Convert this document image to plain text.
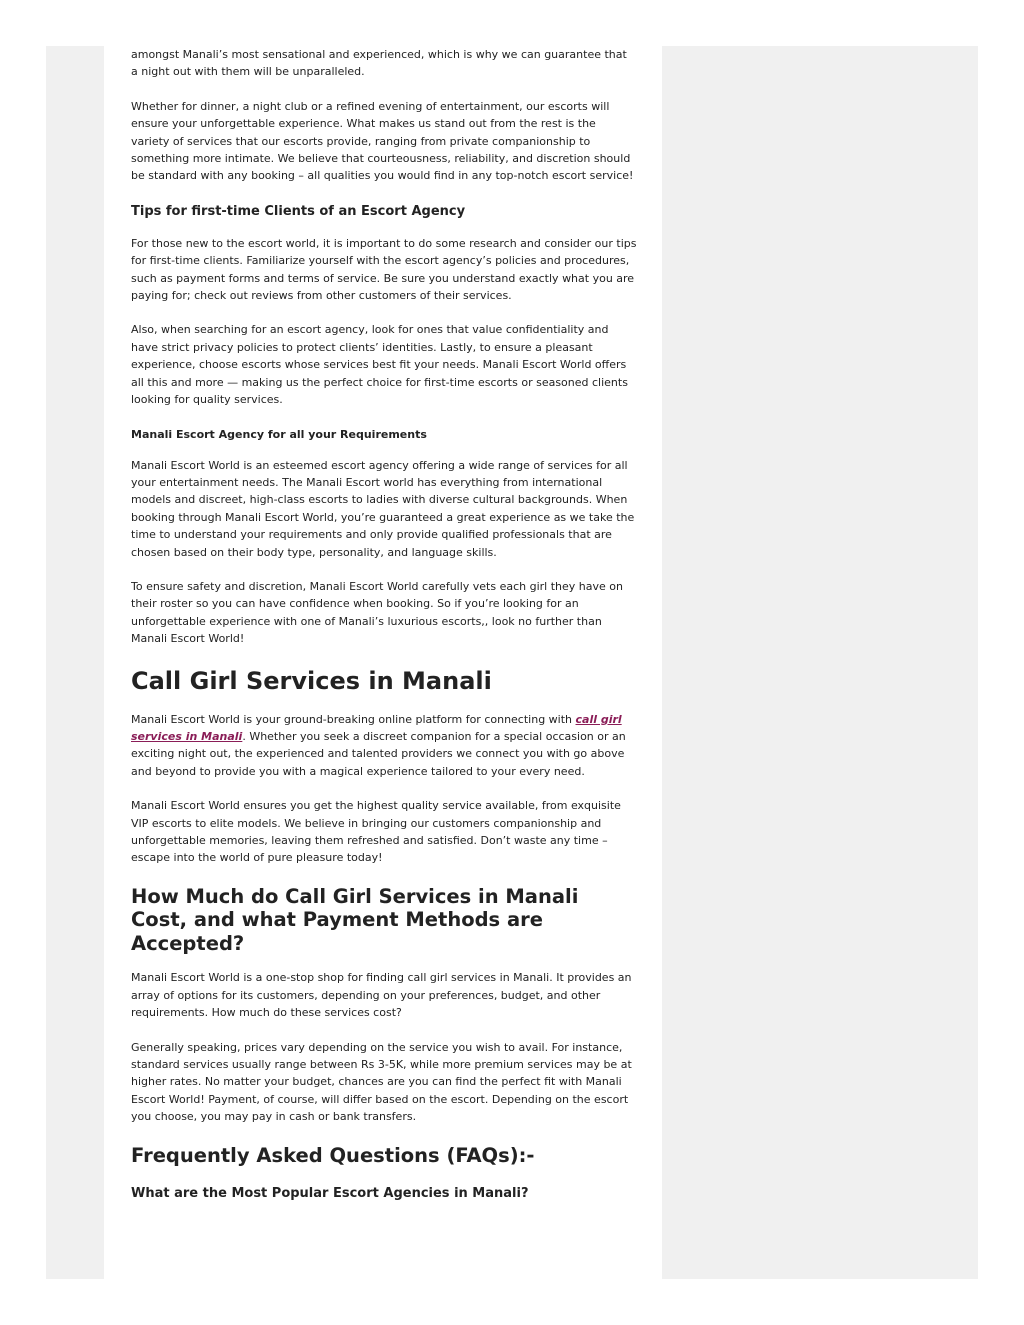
amongst Manali’s most sensational and experienced, which is why we can guarantee that a night out with them will be unparalleled.

Whether for dinner, a night club or a refined evening of entertainment, our escorts will ensure your unforgettable experience. What makes us stand out from the rest is the variety of services that our escorts provide, ranging from private companionship to something more intimate. We believe that courteousness, reliability, and discretion should be standard with any booking – all qualities you would find in any top-notch escort service!

Tips for first-time Clients of an Escort Agency

For those new to the escort world, it is important to do some research and consider our tips for first-time clients. Familiarize yourself with the escort agency’s policies and procedures, such as payment forms and terms of service. Be sure you understand exactly what you are paying for; check out reviews from other customers of their services.

Also, when searching for an escort agency, look for ones that value confidentiality and have strict privacy policies to protect clients’ identities. Lastly, to ensure a pleasant experience, choose escorts whose services best fit your needs. Manali Escort World offers all this and more — making us the perfect choice for first-time escorts or seasoned clients looking for quality services.

Manali Escort Agency for all your Requirements

Manali Escort World is an esteemed escort agency offering a wide range of services for all your entertainment needs. The Manali Escort world has everything from international models and discreet, high-class escorts to ladies with diverse cultural backgrounds. When booking through Manali Escort World, you’re guaranteed a great experience as we take the time to understand your requirements and only provide qualified professionals that are chosen based on their body type, personality, and language skills.

To ensure safety and discretion, Manali Escort World carefully vets each girl they have on their roster so you can have confidence when booking. So if you’re looking for an unforgettable experience with one of Manali’s luxurious escorts,, look no further than Manali Escort World!

Call Girl Services in Manali

Manali Escort World is your ground-breaking online platform for connecting with call girl services in Manali. Whether you seek a discreet companion for a special occasion or an exciting night out, the experienced and talented providers we connect you with go above and beyond to provide you with a magical experience tailored to your every need.

Manali Escort World ensures you get the highest quality service available, from exquisite VIP escorts to elite models. We believe in bringing our customers companionship and unforgettable memories, leaving them refreshed and satisfied. Don’t waste any time – escape into the world of pure pleasure today!

How Much do Call Girl Services in Manali Cost, and what Payment Methods are Accepted?

Manali Escort World is a one-stop shop for finding call girl services in Manali. It provides an array of options for its customers, depending on your preferences, budget, and other requirements. How much do these services cost?

Generally speaking, prices vary depending on the service you wish to avail. For instance, standard services usually range between Rs 3-5K, while more premium services may be at higher rates. No matter your budget, chances are you can find the perfect fit with Manali Escort World! Payment, of course, will differ based on the escort. Depending on the escort you choose, you may pay in cash or bank transfers.

Frequently Asked Questions (FAQs):-
What are the Most Popular Escort Agencies in Manali?
